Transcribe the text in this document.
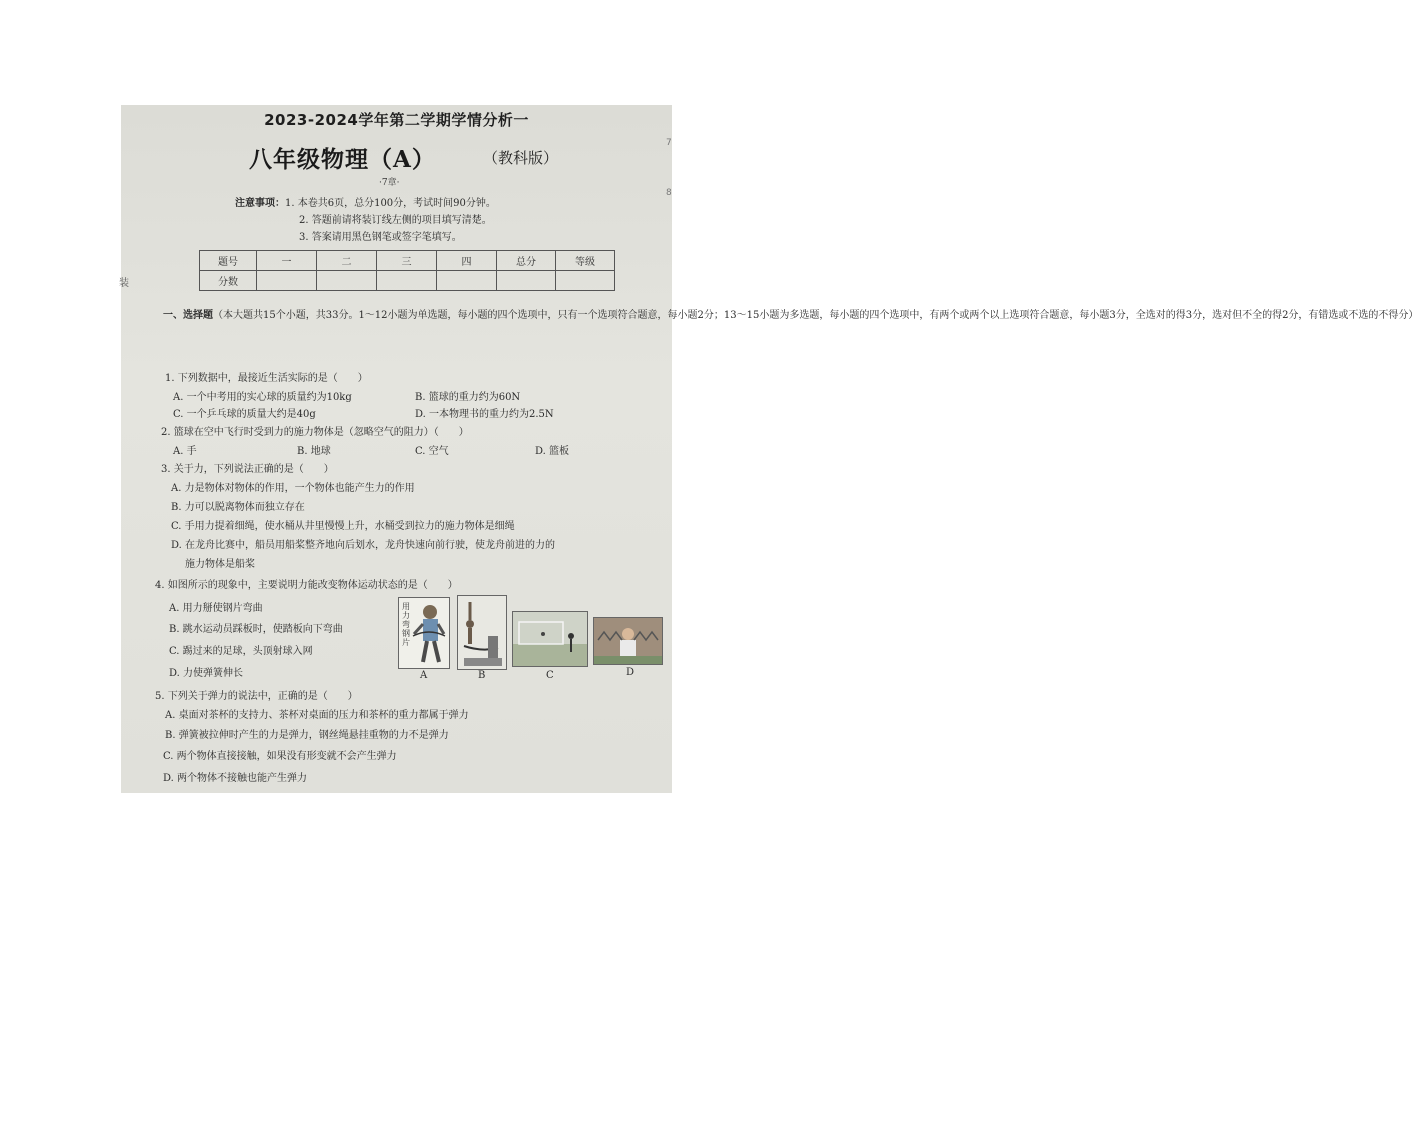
2023-2024学年第二学期学情分析一
八年级物理（A）	（教科版）
·7章·
注意事项：1. 本卷共6页，总分100分，考试时间90分钟。
2. 答题前请将装订线左侧的项目填写清楚。
3. 答案请用黑色钢笔或签字笔填写。
题号	一	二	三	四	总分	等级
分数						
一、选择题（本大题共15个小题，共33分。1～12小题为单选题，每小题的四个选项中，只有一个选项符合题意，每小题2分；13～15小题为多选题，每小题的四个选项中，有两个或两个以上选项符合题意，每小题3分，全选对的得3分，选对但不全的得2分，有错选或不选的不得分）
1. 下列数据中，最接近生活实际的是（　　）
A. 一个中考用的实心球的质量约为10kg	B. 篮球的重力约为60N
C. 一个乒乓球的质量大约是40g	D. 一本物理书的重力约为2.5N
2. 篮球在空中飞行时受到力的施力物体是（忽略空气的阻力）（　　）
A. 手	B. 地球	C. 空气	D. 篮板
3. 关于力，下列说法正确的是（　　）
A. 力是物体对物体的作用，一个物体也能产生力的作用
B. 力可以脱离物体而独立存在
C. 手用力提着细绳，使水桶从井里慢慢上升，水桶受到拉力的施力物体是细绳
D. 在龙舟比赛中，船员用船桨整齐地向后划水，龙舟快速向前行驶，使龙舟前进的力的
施力物体是船桨
4. 如图所示的现象中，主要说明力能改变物体运动状态的是（　　）
A. 用力掰使钢片弯曲
B. 跳水运动员踩板时，使踏板向下弯曲
C. 踢过来的足球，头顶射球入网
D. 力使弹簧伸长
用力弯钢片
A	B	C	D
5. 下列关于弹力的说法中，正确的是（　　）
A. 桌面对茶杯的支持力、茶杯对桌面的压力和茶杯的重力都属于弹力
B. 弹簧被拉伸时产生的力是弹力，钢丝绳悬挂重物的力不是弹力
C. 两个物体直接接触，如果没有形变就不会产生弹力
D. 两个物体不接触也能产生弹力
装
7
8
